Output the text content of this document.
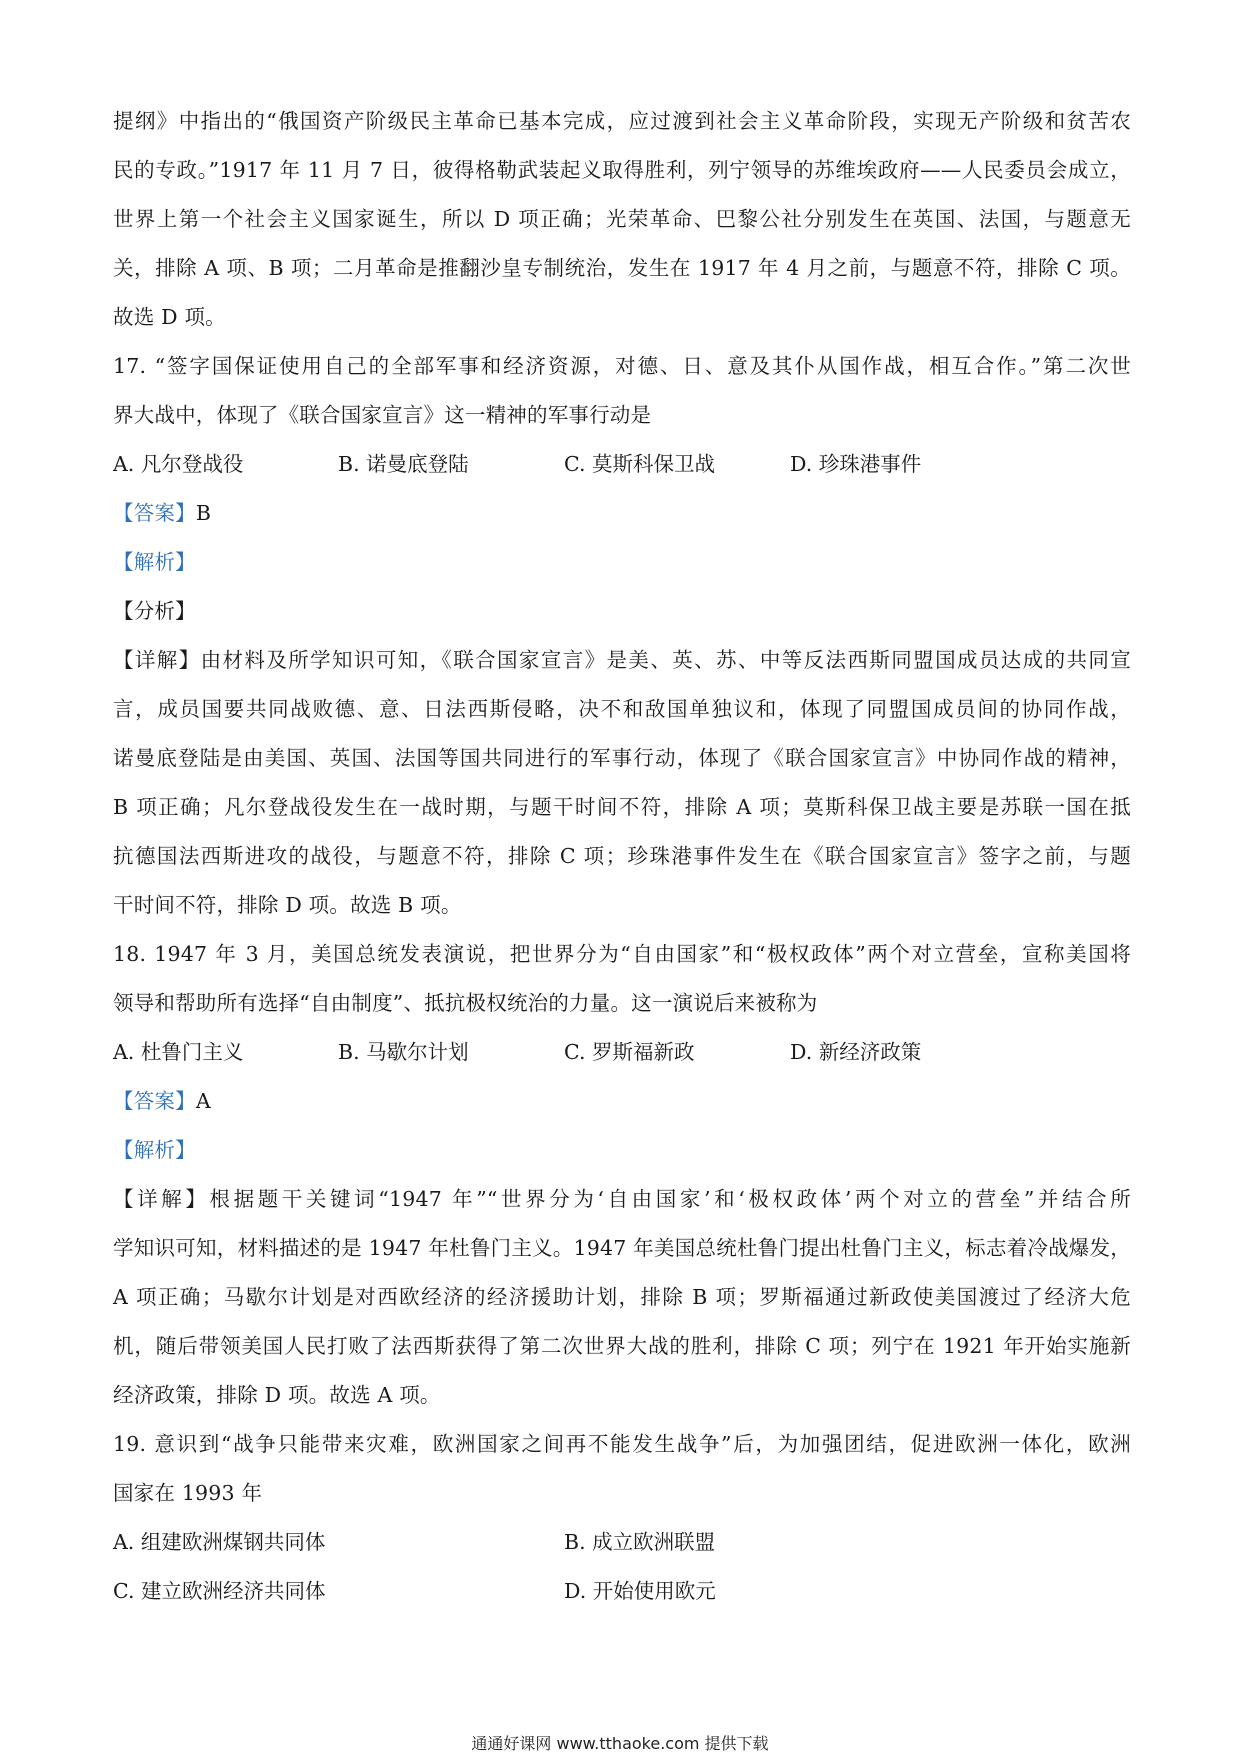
提纲》中指出的“俄国资产阶级民主革命已基本完成，应过渡到社会主义革命阶段，实现无产阶级和贫苦农
民的专政。”1917 年 11 月 7 日，彼得格勒武装起义取得胜利，列宁领导的苏维埃政府——人民委员会成立，
世界上第一个社会主义国家诞生，所以 D 项正确；光荣革命、巴黎公社分别发生在英国、法国，与题意无
关，排除 A 项、B 项；二月革命是推翻沙皇专制统治，发生在 1917 年 4 月之前，与题意不符，排除 C 项。
故选 D 项。
17. “签字国保证使用自己的全部军事和经济资源，对德、日、意及其仆从国作战，相互合作。”第二次世
界大战中，体现了《联合国家宣言》这一精神的军事行动是
A. 凡尔登战役	B. 诺曼底登陆	C. 莫斯科保卫战	D. 珍珠港事件
【答案】B
【解析】
【分析】
【详解】由材料及所学知识可知，《联合国家宣言》是美、英、苏、中等反法西斯同盟国成员达成的共同宣
言，成员国要共同战败德、意、日法西斯侵略，决不和敌国单独议和，体现了同盟国成员间的协同作战，
诺曼底登陆是由美国、英国、法国等国共同进行的军事行动，体现了《联合国家宣言》中协同作战的精神，
B 项正确；凡尔登战役发生在一战时期，与题干时间不符，排除 A 项；莫斯科保卫战主要是苏联一国在抵
抗德国法西斯进攻的战役，与题意不符，排除 C 项；珍珠港事件发生在《联合国家宣言》签字之前，与题
干时间不符，排除 D 项。故选 B 项。
18. 1947 年 3 月，美国总统发表演说，把世界分为“自由国家”和“极权政体”两个对立营垒，宣称美国将
领导和帮助所有选择“自由制度”、抵抗极权统治的力量。这一演说后来被称为
A. 杜鲁门主义	B. 马歇尔计划	C. 罗斯福新政	D. 新经济政策
【答案】A
【解析】
【详解】根据题干关键词“1947 年”“世界分为‘自由国家’和‘极权政体’两个对立的营垒”并结合所
学知识可知，材料描述的是 1947 年杜鲁门主义。1947 年美国总统杜鲁门提出杜鲁门主义，标志着冷战爆发，
A 项正确；马歇尔计划是对西欧经济的经济援助计划，排除 B 项；罗斯福通过新政使美国渡过了经济大危
机，随后带领美国人民打败了法西斯获得了第二次世界大战的胜利，排除 C 项；列宁在 1921 年开始实施新
经济政策，排除 D 项。故选 A 项。
19. 意识到“战争只能带来灾难，欧洲国家之间再不能发生战争”后，为加强团结，促进欧洲一体化，欧洲
国家在 1993 年
A. 组建欧洲煤钢共同体	B. 成立欧洲联盟
C. 建立欧洲经济共同体	D. 开始使用欧元
通通好课网 www.tthaoke.com 提供下载
